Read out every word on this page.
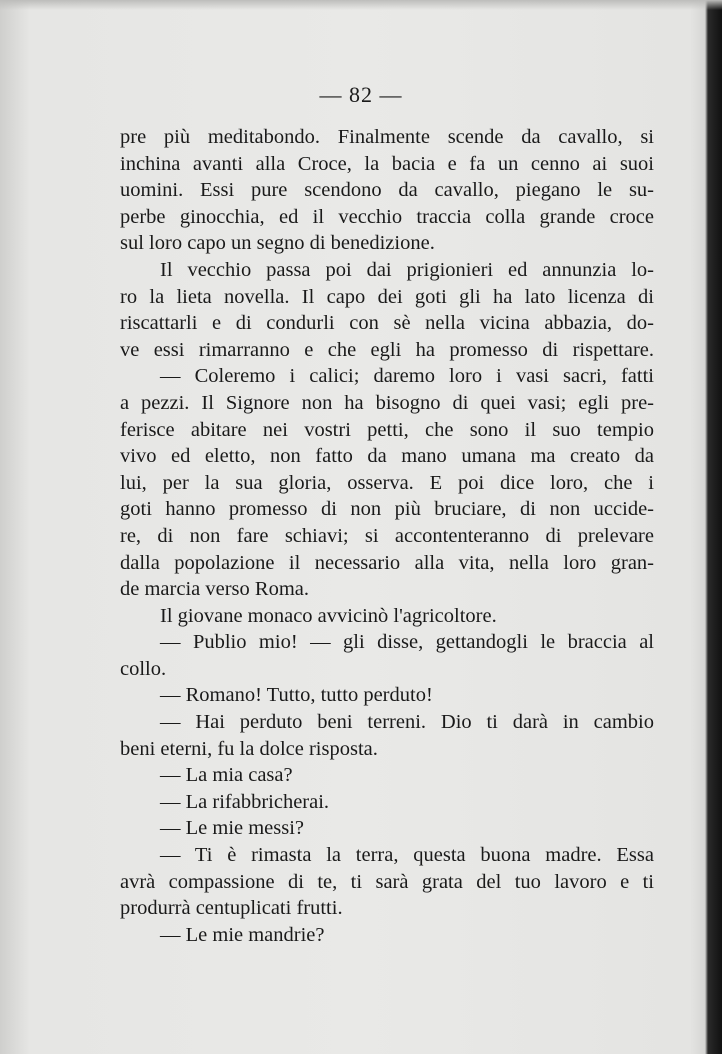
— 82 —
pre più meditabondo. Finalmente scende da cavallo, si
inchina avanti alla Croce, la bacia e fa un cenno ai suoi
uomini. Essi pure scendono da cavallo, piegano le su-
perbe ginocchia, ed il vecchio traccia colla grande croce
sul loro capo un segno di benedizione.
Il vecchio passa poi dai prigionieri ed annunzia lo-
ro la lieta novella. Il capo dei goti gli ha lato licenza di
riscattarli e di condurli con sè nella vicina abbazia, do-
ve essi rimarranno e che egli ha promesso di rispettare.
— Coleremo i calici; daremo loro i vasi sacri, fatti
a pezzi. Il Signore non ha bisogno di quei vasi; egli pre-
ferisce abitare nei vostri petti, che sono il suo tempio
vivo ed eletto, non fatto da mano umana ma creato da
lui, per la sua gloria, osserva. E poi dice loro, che i
goti hanno promesso di non più bruciare, di non uccide-
re, di non fare schiavi; si accontenteranno di prelevare
dalla popolazione il necessario alla vita, nella loro gran-
de marcia verso Roma.
Il giovane monaco avvicinò l'agricoltore.
— Publio mio! — gli disse, gettandogli le braccia al
collo.
— Romano! Tutto, tutto perduto!
— Hai perduto beni terreni. Dio ti darà in cambio
beni eterni, fu la dolce risposta.
— La mia casa?
— La rifabbricherai.
— Le mie messi?
— Ti è rimasta la terra, questa buona madre. Essa
avrà compassione di te, ti sarà grata del tuo lavoro e ti
produrrà centuplicati frutti.
— Le mie mandrie?
